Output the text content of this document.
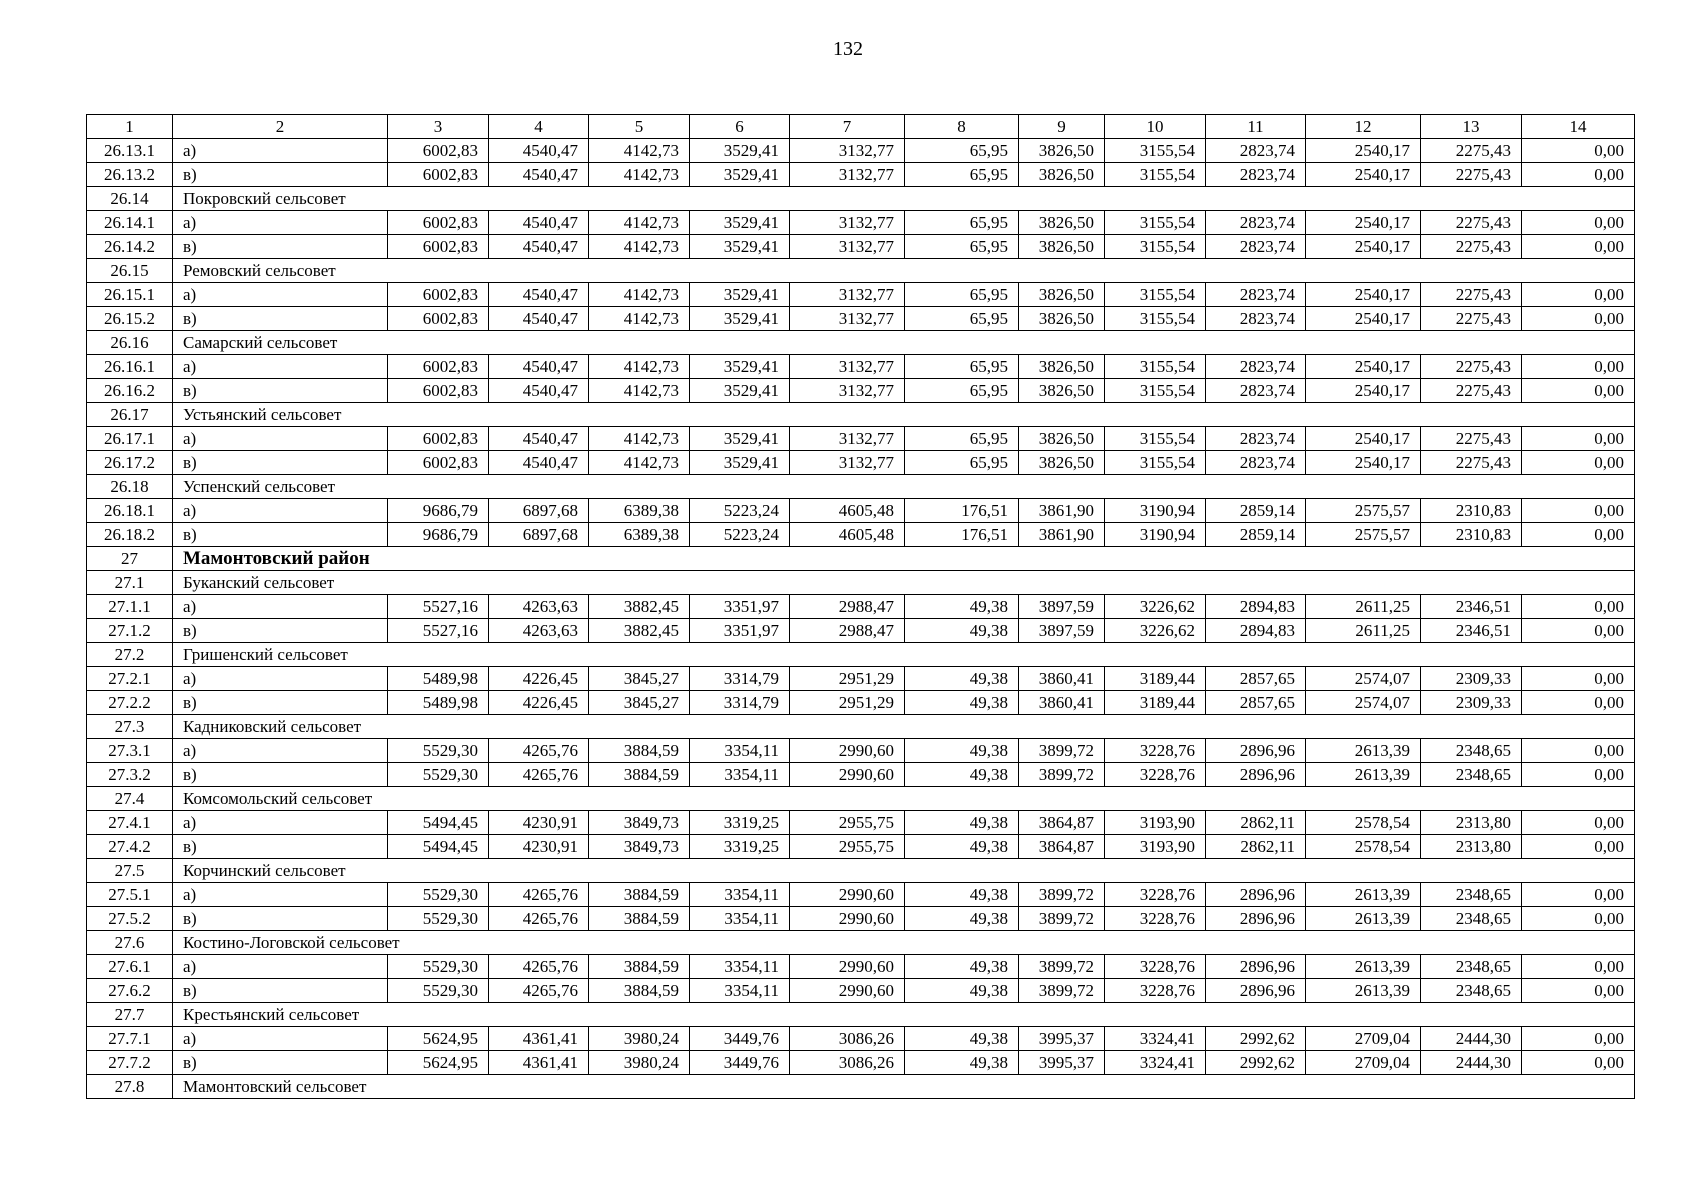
132
1	2	3	4	5	6	7	8	9	10	11	12	13	14
26.13.1	а)	6002,83	4540,47	4142,73	3529,41	3132,77	65,95	3826,50	3155,54	2823,74	2540,17	2275,43	0,00
26.13.2	в)	6002,83	4540,47	4142,73	3529,41	3132,77	65,95	3826,50	3155,54	2823,74	2540,17	2275,43	0,00
26.14	Покровский сельсовет												
26.14.1	а)	6002,83	4540,47	4142,73	3529,41	3132,77	65,95	3826,50	3155,54	2823,74	2540,17	2275,43	0,00
26.14.2	в)	6002,83	4540,47	4142,73	3529,41	3132,77	65,95	3826,50	3155,54	2823,74	2540,17	2275,43	0,00
26.15	Ремовский сельсовет												
26.15.1	а)	6002,83	4540,47	4142,73	3529,41	3132,77	65,95	3826,50	3155,54	2823,74	2540,17	2275,43	0,00
26.15.2	в)	6002,83	4540,47	4142,73	3529,41	3132,77	65,95	3826,50	3155,54	2823,74	2540,17	2275,43	0,00
26.16	Самарский сельсовет												
26.16.1	а)	6002,83	4540,47	4142,73	3529,41	3132,77	65,95	3826,50	3155,54	2823,74	2540,17	2275,43	0,00
26.16.2	в)	6002,83	4540,47	4142,73	3529,41	3132,77	65,95	3826,50	3155,54	2823,74	2540,17	2275,43	0,00
26.17	Устьянский сельсовет												
26.17.1	а)	6002,83	4540,47	4142,73	3529,41	3132,77	65,95	3826,50	3155,54	2823,74	2540,17	2275,43	0,00
26.17.2	в)	6002,83	4540,47	4142,73	3529,41	3132,77	65,95	3826,50	3155,54	2823,74	2540,17	2275,43	0,00
26.18	Успенский сельсовет												
26.18.1	а)	9686,79	6897,68	6389,38	5223,24	4605,48	176,51	3861,90	3190,94	2859,14	2575,57	2310,83	0,00
26.18.2	в)	9686,79	6897,68	6389,38	5223,24	4605,48	176,51	3861,90	3190,94	2859,14	2575,57	2310,83	0,00
27	Мамонтовский район												
27.1	Буканский сельсовет												
27.1.1	а)	5527,16	4263,63	3882,45	3351,97	2988,47	49,38	3897,59	3226,62	2894,83	2611,25	2346,51	0,00
27.1.2	в)	5527,16	4263,63	3882,45	3351,97	2988,47	49,38	3897,59	3226,62	2894,83	2611,25	2346,51	0,00
27.2	Гришенский сельсовет												
27.2.1	а)	5489,98	4226,45	3845,27	3314,79	2951,29	49,38	3860,41	3189,44	2857,65	2574,07	2309,33	0,00
27.2.2	в)	5489,98	4226,45	3845,27	3314,79	2951,29	49,38	3860,41	3189,44	2857,65	2574,07	2309,33	0,00
27.3	Кадниковский сельсовет												
27.3.1	а)	5529,30	4265,76	3884,59	3354,11	2990,60	49,38	3899,72	3228,76	2896,96	2613,39	2348,65	0,00
27.3.2	в)	5529,30	4265,76	3884,59	3354,11	2990,60	49,38	3899,72	3228,76	2896,96	2613,39	2348,65	0,00
27.4	Комсомольский сельсовет												
27.4.1	а)	5494,45	4230,91	3849,73	3319,25	2955,75	49,38	3864,87	3193,90	2862,11	2578,54	2313,80	0,00
27.4.2	в)	5494,45	4230,91	3849,73	3319,25	2955,75	49,38	3864,87	3193,90	2862,11	2578,54	2313,80	0,00
27.5	Корчинский сельсовет												
27.5.1	а)	5529,30	4265,76	3884,59	3354,11	2990,60	49,38	3899,72	3228,76	2896,96	2613,39	2348,65	0,00
27.5.2	в)	5529,30	4265,76	3884,59	3354,11	2990,60	49,38	3899,72	3228,76	2896,96	2613,39	2348,65	0,00
27.6	Костино-Логовской сельсовет												
27.6.1	а)	5529,30	4265,76	3884,59	3354,11	2990,60	49,38	3899,72	3228,76	2896,96	2613,39	2348,65	0,00
27.6.2	в)	5529,30	4265,76	3884,59	3354,11	2990,60	49,38	3899,72	3228,76	2896,96	2613,39	2348,65	0,00
27.7	Крестьянский сельсовет												
27.7.1	а)	5624,95	4361,41	3980,24	3449,76	3086,26	49,38	3995,37	3324,41	2992,62	2709,04	2444,30	0,00
27.7.2	в)	5624,95	4361,41	3980,24	3449,76	3086,26	49,38	3995,37	3324,41	2992,62	2709,04	2444,30	0,00
27.8	Мамонтовский сельсовет												
